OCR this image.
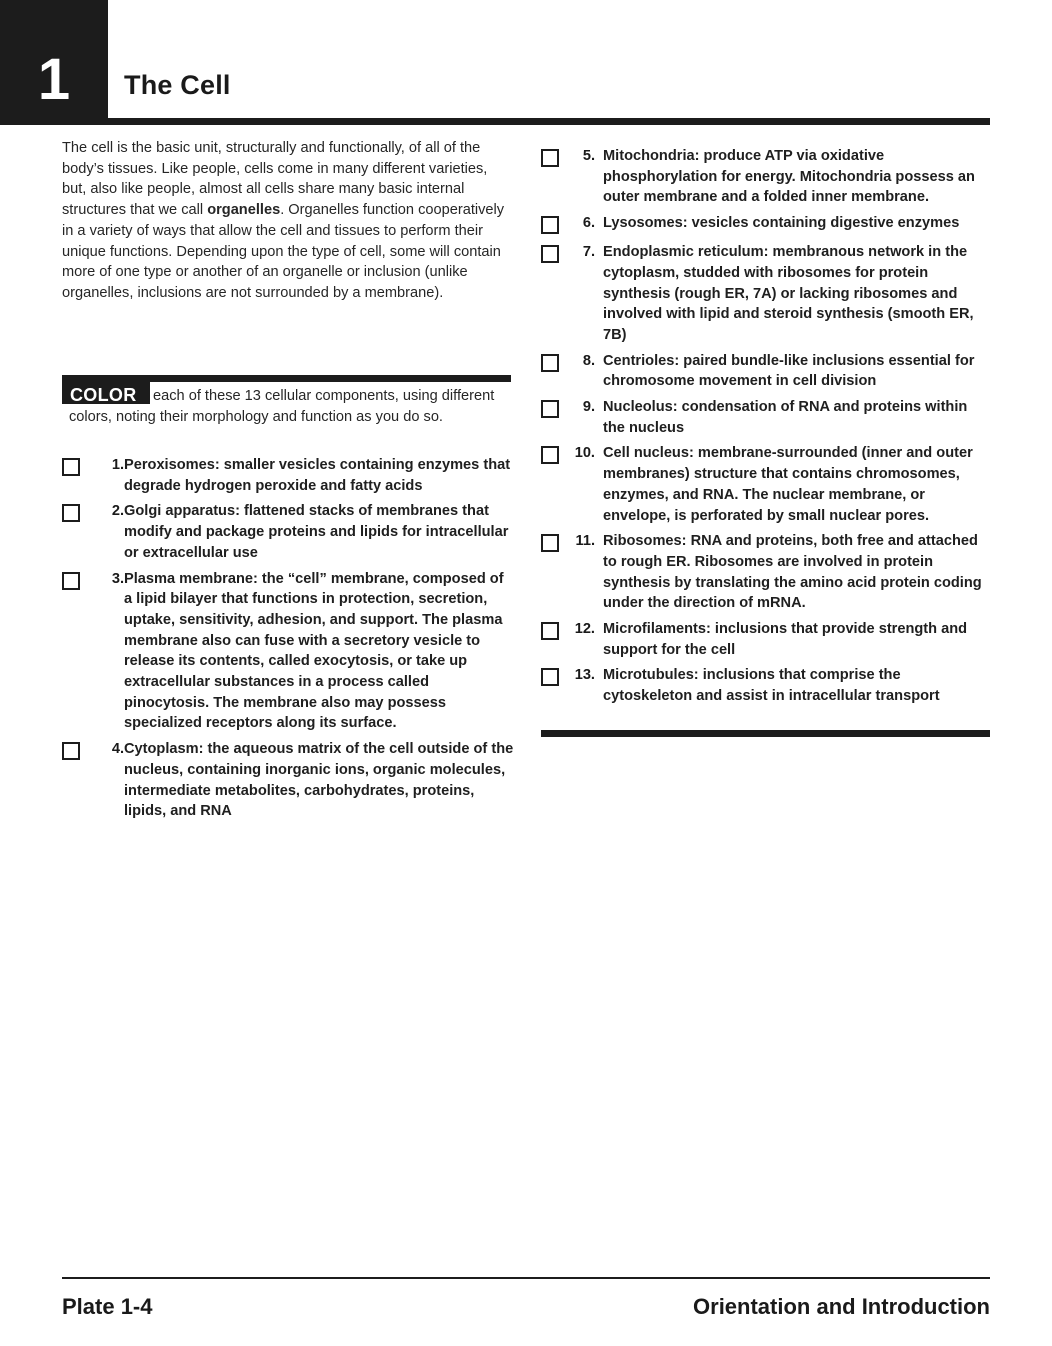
1 The Cell
The cell is the basic unit, structurally and functionally, of all of the body’s tissues. Like people, cells come in many different varieties, but, also like people, almost all cells share many basic internal structures that we call organelles. Organelles function cooperatively in a variety of ways that allow the cell and tissues to perform their unique functions. Depending upon the type of cell, some will contain more of one type or another of an organelle or inclusion (unlike organelles, inclusions are not surrounded by a membrane).
COLOR	each of these 13 cellular components, using different colors, noting their morphology and function as you do so.
1. Peroxisomes: smaller vesicles containing enzymes that degrade hydrogen peroxide and fatty acids
2. Golgi apparatus: flattened stacks of membranes that modify and package proteins and lipids for intracellular or extracellular use
3. Plasma membrane: the “cell” membrane, composed of a lipid bilayer that functions in protection, secretion, uptake, sensitivity, adhesion, and support. The plasma membrane also can fuse with a secretory vesicle to release its contents, called exocytosis, or take up extracellular substances in a process called pinocytosis. The membrane also may possess specialized receptors along its surface.
4. Cytoplasm: the aqueous matrix of the cell outside of the nucleus, containing inorganic ions, organic molecules, intermediate metabolites, carbohydrates, proteins, lipids, and RNA
5. Mitochondria: produce ATP via oxidative phosphorylation for energy. Mitochondria possess an outer membrane and a folded inner membrane.
6. Lysosomes: vesicles containing digestive enzymes
7. Endoplasmic reticulum: membranous network in the cytoplasm, studded with ribosomes for protein synthesis (rough ER, 7A) or lacking ribosomes and involved with lipid and steroid synthesis (smooth ER, 7B)
8. Centrioles: paired bundle-like inclusions essential for chromosome movement in cell division
9. Nucleolus: condensation of RNA and proteins within the nucleus
10. Cell nucleus: membrane-surrounded (inner and outer membranes) structure that contains chromosomes, enzymes, and RNA. The nuclear membrane, or envelope, is perforated by small nuclear pores.
11. Ribosomes: RNA and proteins, both free and attached to rough ER. Ribosomes are involved in protein synthesis by translating the amino acid protein coding under the direction of mRNA.
12. Microfilaments: inclusions that provide strength and support for the cell
13. Microtubules: inclusions that comprise the cytoskeleton and assist in intracellular transport
Plate 1-4	Orientation and Introduction
